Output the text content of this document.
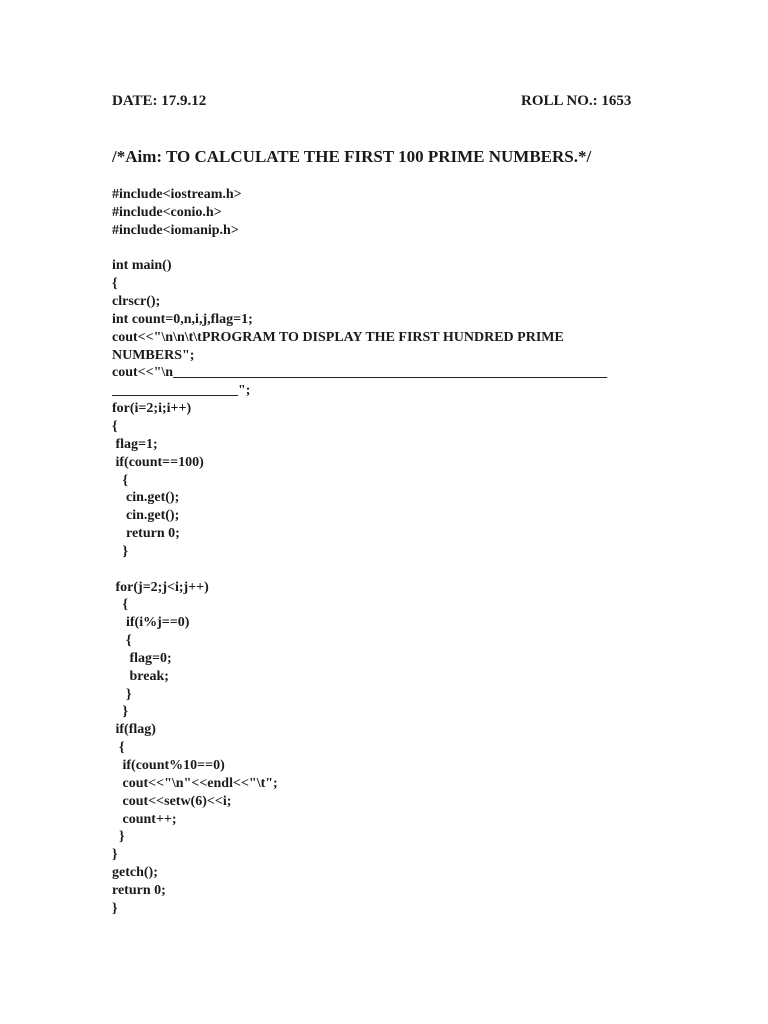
DATE: 17.9.12	ROLL NO.: 1653
/*Aim: TO CALCULATE THE FIRST 100 PRIME NUMBERS.*/
#include<iostream.h>
#include<conio.h>
#include<iomanip.h>
int main()
{
clrscr();
int count=0,n,i,j,flag=1;
cout<<"\n\n\t\tPROGRAM TO DISPLAY THE FIRST HUNDRED PRIME
NUMBERS";
cout<<"\n______________________________________________________________
__________________";
for(i=2;i;i++)
{
flag=1;
if(count==100)
{
cin.get();
cin.get();
return 0;
}
for(j=2;j<i;j++)
{
if(i%j==0)
{
flag=0;
break;
}
}
if(flag)
{
if(count%10==0)
cout<<"\n"<<endl<<"\t";
cout<<setw(6)<<i;
count++;
}
}
getch();
return 0;
}
